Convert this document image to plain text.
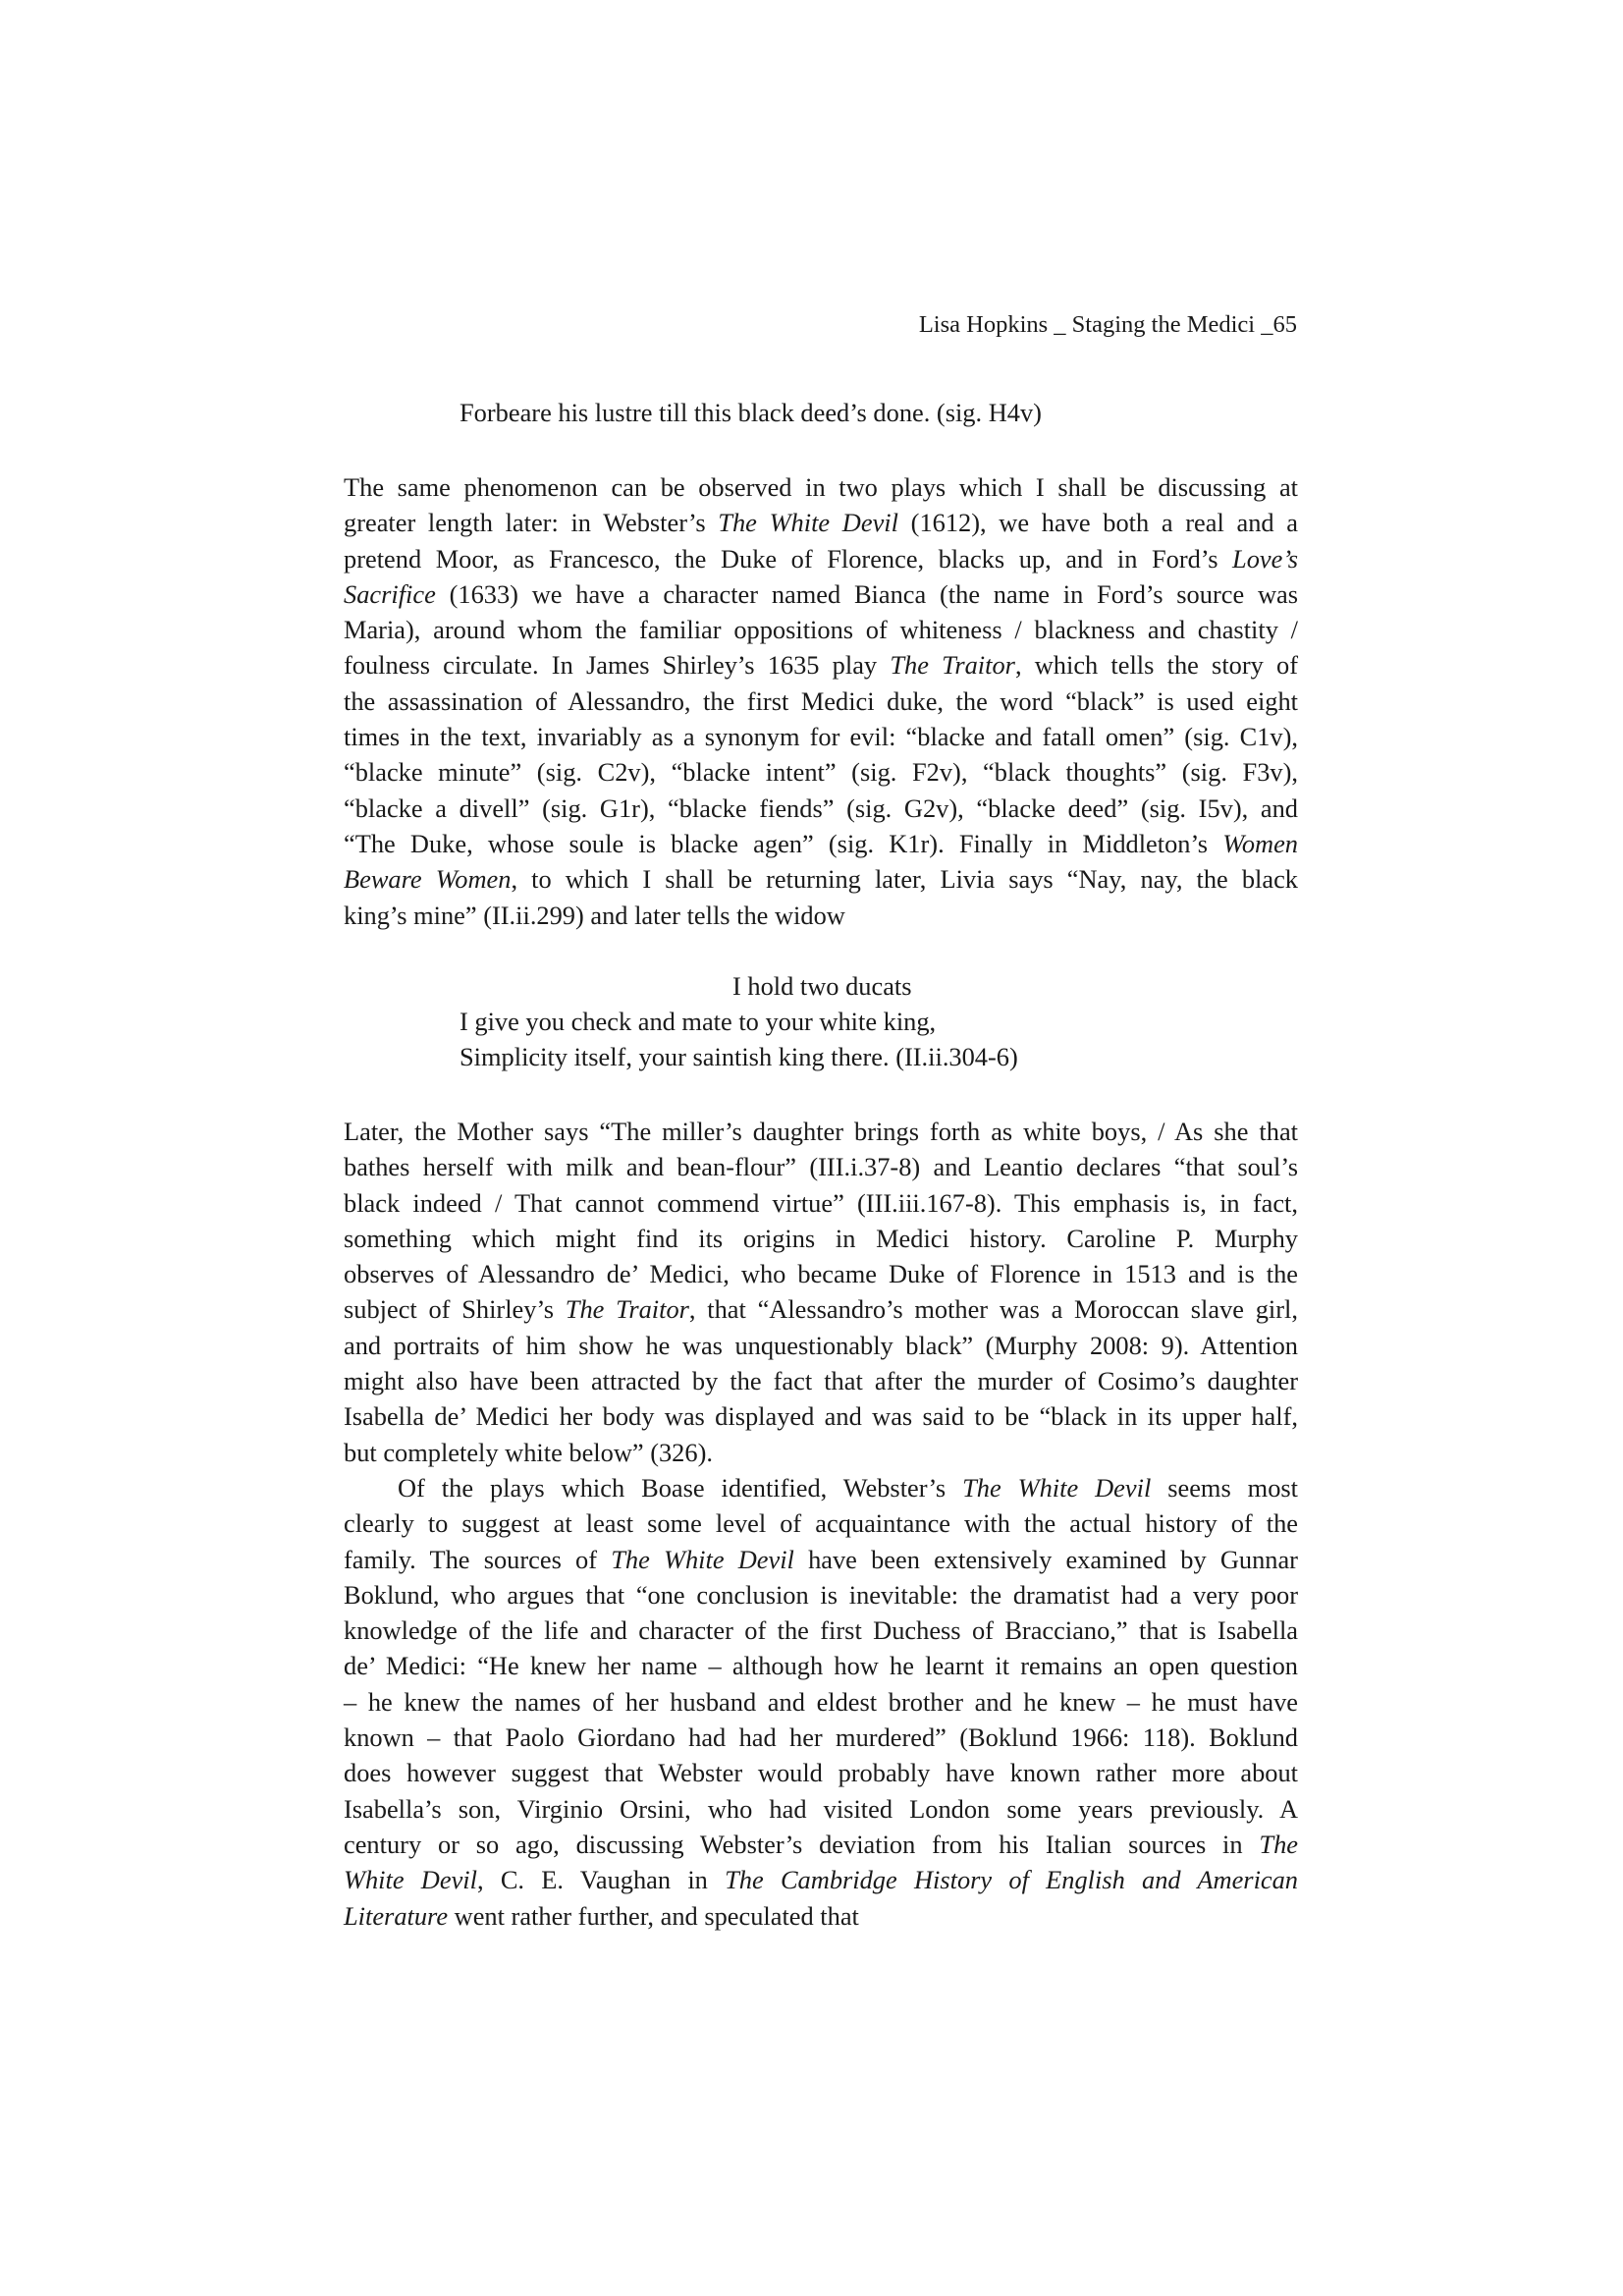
Lisa Hopkins _ Staging the Medici _65
Forbeare his lustre till this black deed’s done. (sig. H4v)
The same phenomenon can be observed in two plays which I shall be discussing at
greater length later: in Webster’s The White Devil (1612), we have both a real and a
pretend Moor, as Francesco, the Duke of Florence, blacks up, and in Ford’s Love’s
Sacrifice (1633) we have a character named Bianca (the name in Ford’s source was
Maria), around whom the familiar oppositions of whiteness / blackness and chastity /
foulness circulate. In James Shirley’s 1635 play The Traitor, which tells the story of
the assassination of Alessandro, the first Medici duke, the word “black” is used eight
times in the text, invariably as a synonym for evil: “blacke and fatall omen” (sig. C1v),
“blacke minute” (sig. C2v), “blacke intent” (sig. F2v), “black thoughts” (sig. F3v),
“blacke a divell” (sig. G1r), “blacke fiends” (sig. G2v), “blacke deed” (sig. I5v), and
“The Duke, whose soule is blacke agen” (sig. K1r). Finally in Middleton’s Women
Beware Women, to which I shall be returning later, Livia says “Nay, nay, the black
king’s mine” (II.ii.299) and later tells the widow
I hold two ducats
I give you check and mate to your white king,
Simplicity itself, your saintish king there. (II.ii.304-6)
Later, the Mother says “The miller’s daughter brings forth as white boys, / As she that
bathes herself with milk and bean-flour” (III.i.37-8) and Leantio declares “that soul’s
black indeed / That cannot commend virtue” (III.iii.167-8). This emphasis is, in fact,
something which might find its origins in Medici history. Caroline P. Murphy
observes of Alessandro de’ Medici, who became Duke of Florence in 1513 and is the
subject of Shirley’s The Traitor, that “Alessandro’s mother was a Moroccan slave girl,
and portraits of him show he was unquestionably black” (Murphy 2008: 9). Attention
might also have been attracted by the fact that after the murder of Cosimo’s daughter
Isabella de’ Medici her body was displayed and was said to be “black in its upper half,
but completely white below” (326).
Of the plays which Boase identified, Webster’s The White Devil seems most
clearly to suggest at least some level of acquaintance with the actual history of the
family. The sources of The White Devil have been extensively examined by Gunnar
Boklund, who argues that “one conclusion is inevitable: the dramatist had a very poor
knowledge of the life and character of the first Duchess of Bracciano,” that is Isabella
de’ Medici: “He knew her name – although how he learnt it remains an open question
– he knew the names of her husband and eldest brother and he knew – he must have
known – that Paolo Giordano had had her murdered” (Boklund 1966: 118). Boklund
does however suggest that Webster would probably have known rather more about
Isabella’s son, Virginio Orsini, who had visited London some years previously. A
century or so ago, discussing Webster’s deviation from his Italian sources in The
White Devil, C. E. Vaughan in The Cambridge History of English and American
Literature went rather further, and speculated that
